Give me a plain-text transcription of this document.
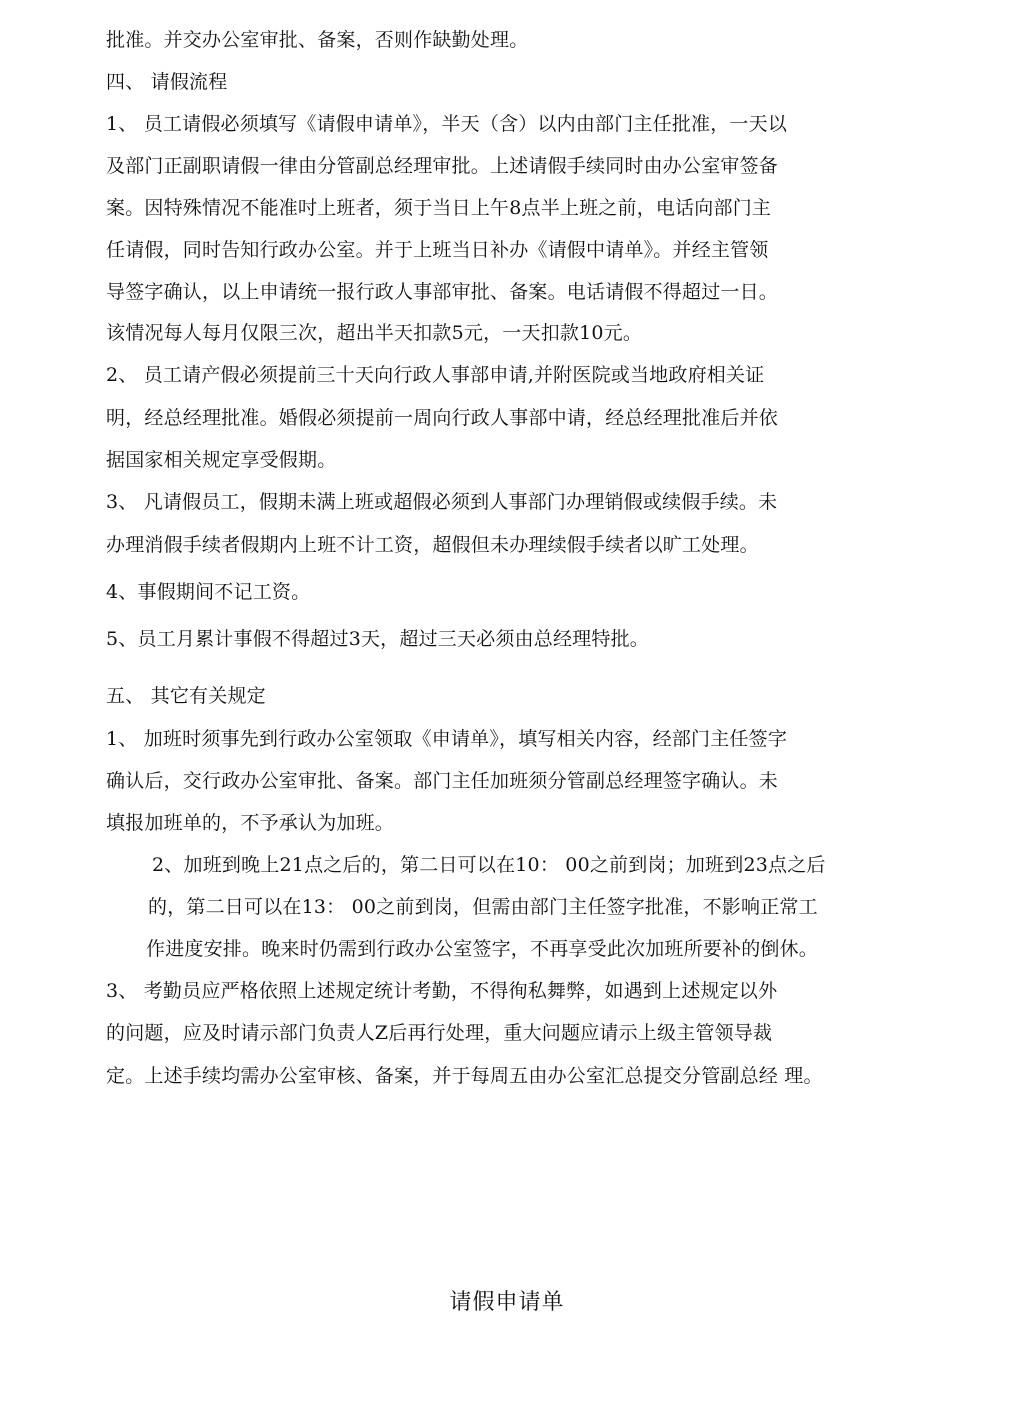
批准。并交办公室审批、备案，否则作缺勤处理。
四、 请假流程
1、 员工请假必须填写《请假申请单》，半天（含）以内由部门主任批准，一天以
及部门正副职请假一律由分管副总经理审批。上述请假手续同时由办公室审签备
案。因特殊情况不能准吋上班者，须于当日上午8点半上班之前，电话向部门主
任请假，同时告知行政办公室。并于上班当日补办《请假中请单》。并经主管领
导签字确认，以上申请统一报行政人事部审批、备案。电话请假不得超过一日。
该情况每人每月仅限三次，超出半天扣款5元，一天扣款10元。
2、 员工请产假必须提前三十天向行政人事部申请,并附医院或当地政府相关证
明，经总经理批准。婚假必须提前一周向行政人事部中请，经总经理批准后并依
据国家相关规定享受假期。
3、 凡请假员工，假期未满上班或超假必须到人事部门办理销假或续假手续。未
办理消假手续者假期内上班不计工资，超假但未办理续假手续者以旷工处理。
4、事假期间不记工资。
5、员工月累计事假不得超过3天，超过三天必须由总经理特批。
五、 其它有关规定
1、 加班时须事先到行政办公室领取《申请单》，填写相关内容，经部门主任签字
确认后，交行政办公室审批、备案。部门主任加班须分管副总经理签字确认。未
填报加班单的，不予承认为加班。
2、加班到晚上21点之后的，第二日可以在10： 00之前到岗；加班到23点之后
的，第二日可以在13： 00之前到岗，但需由部门主任签字批准，不影响正常工
作进度安排。晚来时仍需到行政办公室签字，不再享受此次加班所要补的倒休。
3、 考勤员应严格依照上述规定统计考勤，不得徇私舞弊，如遇到上述规定以外
的问题，应及时请示部门负责人Z后再行处理，重大问题应请示上级主管领导裁
定。上述手续均需办公室审核、备案，并于每周五由办公室汇总提交分管副总经 理。
请假申请单
